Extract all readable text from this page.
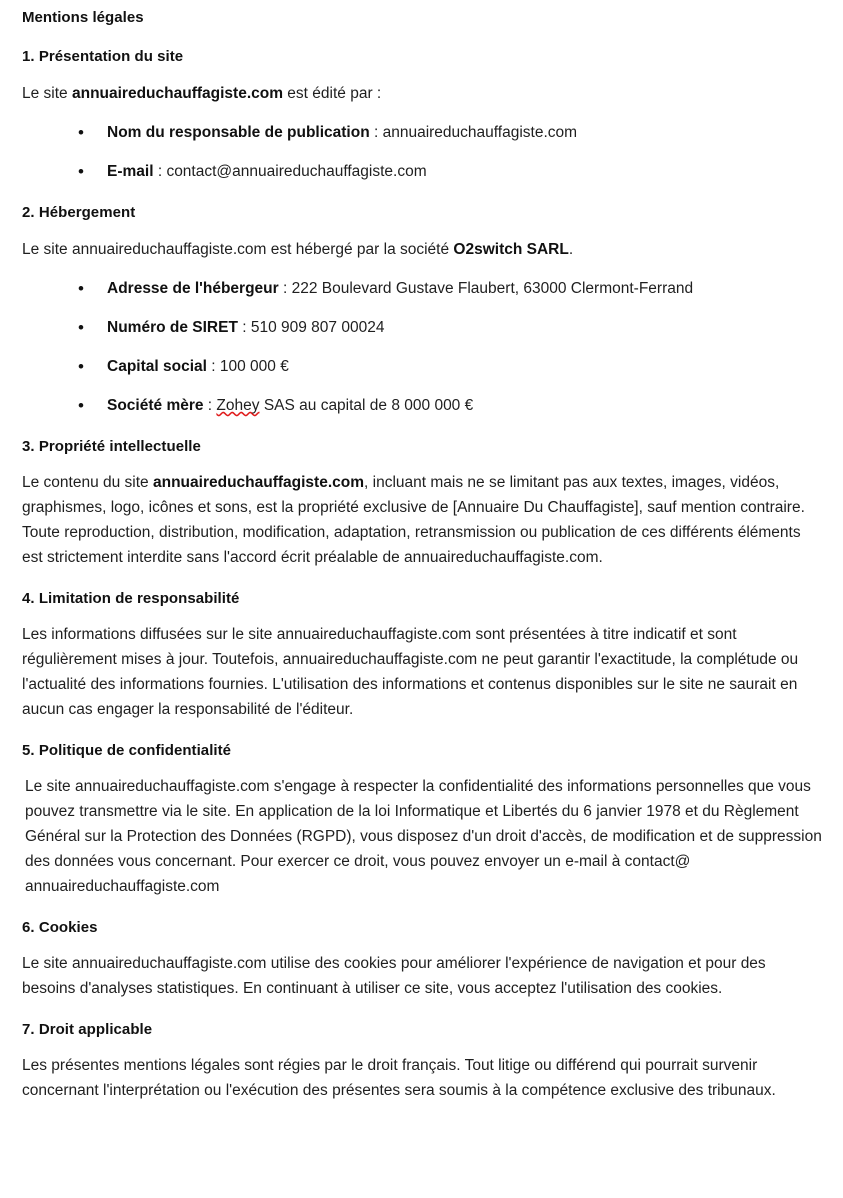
Mentions légales
1. Présentation du site

Le site annuaireduchauffagiste.com est édité par :

• Nom du responsable de publication : annuaireduchauffagiste.com
• E-mail : contact@annuaireduchauffagiste.com
2. Hébergement

Le site annuaireduchauffagiste.com est hébergé par la société O2switch SARL.

• Adresse de l'hébergeur : 222 Boulevard Gustave Flaubert, 63000 Clermont-Ferrand
• Numéro de SIRET : 510 909 807 00024
• Capital social : 100 000 €
• Société mère : Zohey SAS au capital de 8 000 000 €
3. Propriété intellectuelle

Le contenu du site annuaireduchauffagiste.com, incluant mais ne se limitant pas aux textes, images, vidéos, graphismes, logo, icônes et sons, est la propriété exclusive de [Annuaire Du Chauffagiste], sauf mention contraire. Toute reproduction, distribution, modification, adaptation, retransmission ou publication de ces différents éléments est strictement interdite sans l'accord écrit préalable de annuaireduchauffagiste.com.

4. Limitation de responsabilité

Les informations diffusées sur le site annuaireduchauffagiste.com sont présentées à titre indicatif et sont régulièrement mises à jour. Toutefois, annuaireduchauffagiste.com ne peut garantir l'exactitude, la complétude ou l'actualité des informations fournies. L'utilisation des informations et contenus disponibles sur le site ne saurait en aucun cas engager la responsabilité de l'éditeur.

5. Politique de confidentialité

Le site annuaireduchauffagiste.com s'engage à respecter la confidentialité des informations personnelles que vous pouvez transmettre via le site. En application de la loi Informatique et Libertés du 6 janvier 1978 et du Règlement Général sur la Protection des Données (RGPD), vous disposez d'un droit d'accès, de modification et de suppression des données vous concernant. Pour exercer ce droit, vous pouvez envoyer un e-mail à contact@ annuaireduchauffagiste.com

6. Cookies

Le site annuaireduchauffagiste.com utilise des cookies pour améliorer l'expérience de navigation et pour des besoins d'analyses statistiques. En continuant à utiliser ce site, vous acceptez l'utilisation des cookies.

7. Droit applicable

Les présentes mentions légales sont régies par le droit français. Tout litige ou différend qui pourrait survenir concernant l'interprétation ou l'exécution des présentes sera soumis à la compétence exclusive des tribunaux.
